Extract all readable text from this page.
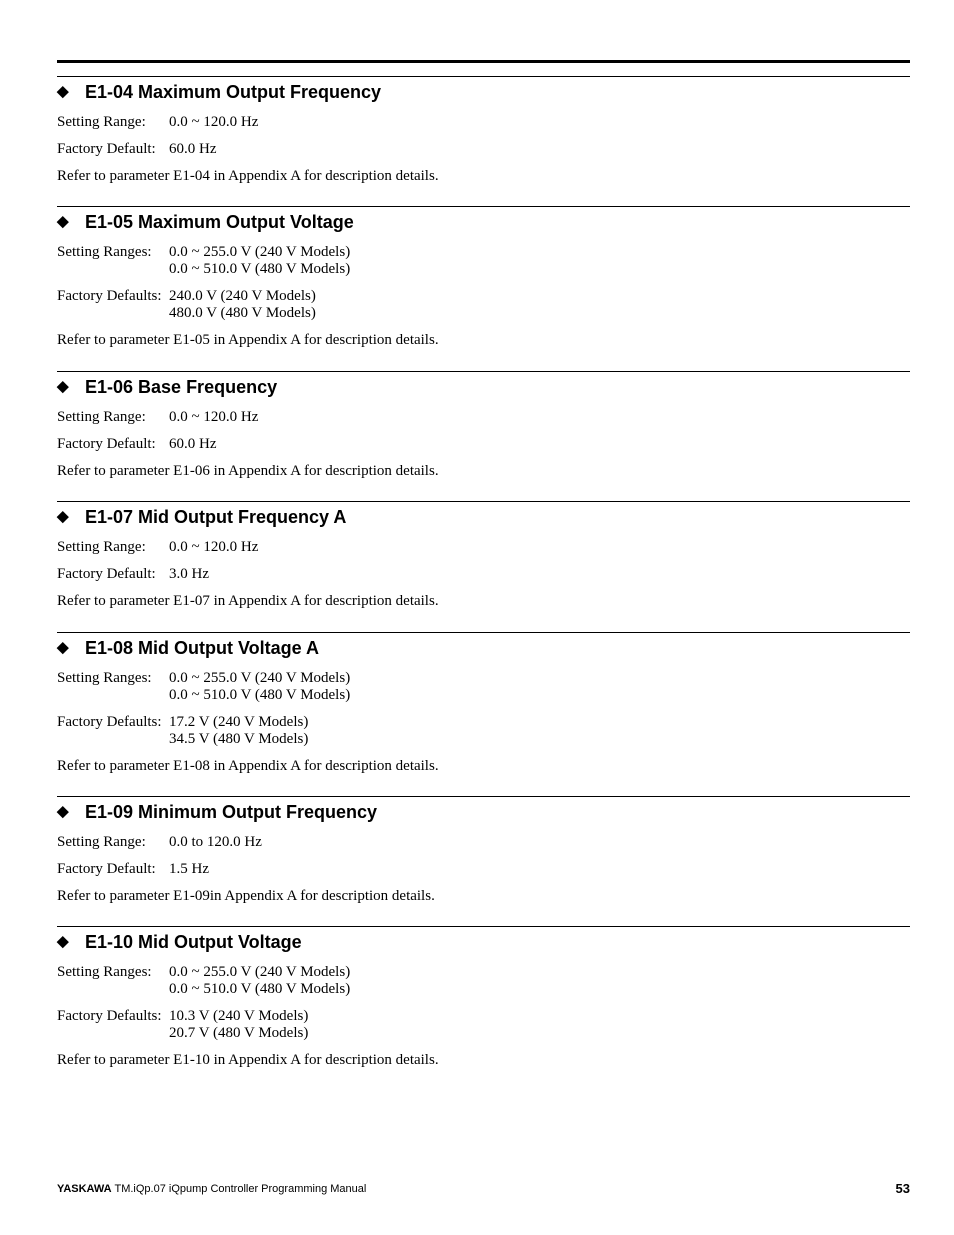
◆ E1-04 Maximum Output Frequency
Setting Range:	0.0 ~ 120.0 Hz
Factory Default: 60.0 Hz
Refer to parameter E1-04 in Appendix A for description details.
◆ E1-05 Maximum Output Voltage
Setting Ranges:	0.0 ~ 255.0 V (240 V Models)
0.0 ~ 510.0 V (480 V Models)
Factory Defaults: 240.0 V (240 V Models)
480.0 V (480 V Models)
Refer to parameter E1-05 in Appendix A for description details.
◆ E1-06 Base Frequency
Setting Range:	0.0 ~ 120.0 Hz
Factory Default: 60.0 Hz
Refer to parameter E1-06 in Appendix A for description details.
◆ E1-07 Mid Output Frequency A
Setting Range:	0.0 ~ 120.0 Hz
Factory Default: 3.0 Hz
Refer to parameter E1-07 in Appendix A for description details.
◆ E1-08 Mid Output Voltage A
Setting Ranges:	0.0 ~ 255.0 V (240 V Models)
0.0 ~ 510.0 V (480 V Models)
Factory Defaults: 17.2 V (240 V Models)
34.5 V (480 V Models)
Refer to parameter E1-08 in Appendix A for description details.
◆ E1-09 Minimum Output Frequency
Setting Range:	0.0 to 120.0 Hz
Factory Default: 1.5 Hz
Refer to parameter E1-09in Appendix A for description details.
◆ E1-10 Mid Output Voltage
Setting Ranges:	0.0 ~ 255.0 V (240 V Models)
0.0 ~ 510.0 V (480 V Models)
Factory Defaults: 10.3 V (240 V Models)
20.7 V (480 V Models)
Refer to parameter E1-10 in Appendix A for description details.
YASKAWA TM.iQp.07 iQpump Controller Programming Manual	53
